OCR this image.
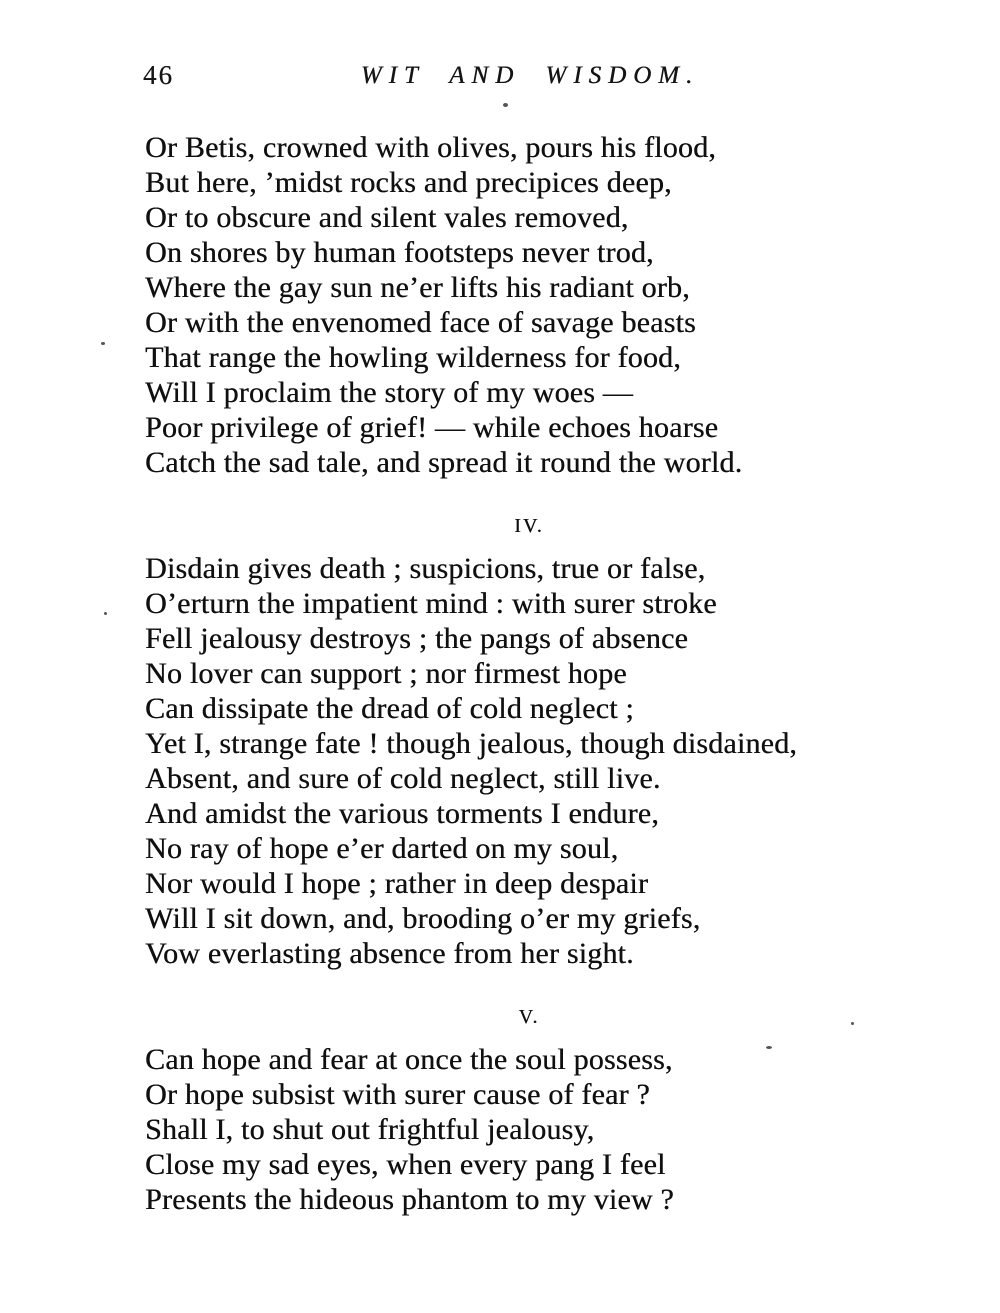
46	WIT AND WISDOM.
Or Betis, crowned with olives, pours his flood,
But here, ’midst rocks and precipices deep,
Or to obscure and silent vales removed,
On shores by human footsteps never trod,
Where the gay sun ne’er lifts his radiant orb,
Or with the envenomed face of savage beasts
That range the howling wilderness for food,
Will I proclaim the story of my woes —
Poor privilege of grief! — while echoes hoarse
Catch the sad tale, and spread it round the world.
IV.
Disdain gives death ; suspicions, true or false,
O’erturn the impatient mind : with surer stroke
Fell jealousy destroys ; the pangs of absence
No lover can support ; nor firmest hope
Can dissipate the dread of cold neglect ;
Yet I, strange fate ! though jealous, though disdained,
Absent, and sure of cold neglect, still live.
And amidst the various torments I endure,
No ray of hope e’er darted on my soul,
Nor would I hope ; rather in deep despair
Will I sit down, and, brooding o’er my griefs,
Vow everlasting absence from her sight.
V.
Can hope and fear at once the soul possess,
Or hope subsist with surer cause of fear ?
Shall I, to shut out frightful jealousy,
Close my sad eyes, when every pang I feel
Presents the hideous phantom to my view ?
